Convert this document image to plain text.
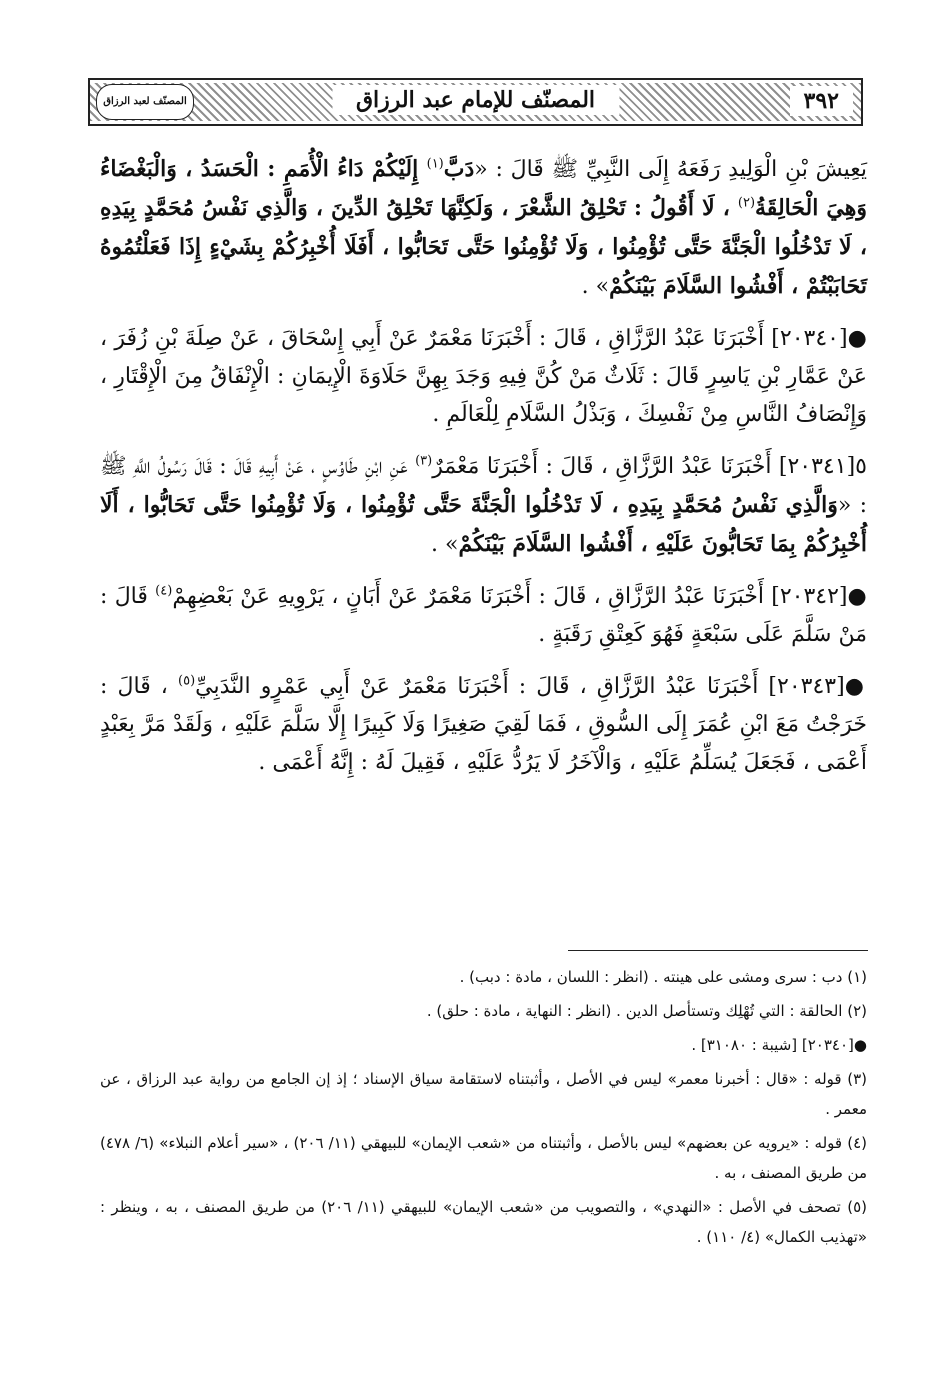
٣٩٢
المصنّف للإمام عبد الرزاق
المصنّف لعبد الرزاق

يَعِيشَ بْنِ الْوَلِيدِ رَفَعَهُ إِلَى النَّبِيِّ ﷺ قَالَ : «دَبَّ$^{(١)}$ إِلَيْكُمْ دَاءُ الْأُمَمِ : الْحَسَدُ ، وَالْبَغْضَاءُ وَهِيَ الْحَالِقَةُ$^{(٢)}$ ، لَا أَقُولُ : تَحْلِقُ الشَّعْرَ ، وَلَكِنَّهَا تَحْلِقُ الدِّينَ ، وَالَّذِي نَفْسُ مُحَمَّدٍ بِيَدِهِ ، لَا تَدْخُلُوا الْجَنَّةَ حَتَّى تُؤْمِنُوا ، وَلَا تُؤْمِنُوا حَتَّى تَحَابُّوا ، أَفَلَا أُخْبِرُكُمْ بِشَيْءٍ إِذَا فَعَلْتُمُوهُ تَحَابَبْتُمْ ، أَفْشُوا السَّلَامَ بَيْنَكُمْ» .

●[٢٠٣٤٠] أَخْبَرَنَا عَبْدُ الرَّزَّاقِ ، قَالَ : أَخْبَرَنَا مَعْمَرٌ عَنْ أَبِي إِسْحَاقَ ، عَنْ صِلَةَ بْنِ زُفَرَ ، عَنْ عَمَّارِ بْنِ يَاسِرٍ قَالَ : ثَلَاثٌ مَنْ كُنَّ فِيهِ وَجَدَ بِهِنَّ حَلَاوَةَ الْإِيمَانِ : الْإِنْفَاقُ مِنَ الْإِقْتَارِ ، وَإِنْصَافُ النَّاسِ مِنْ نَفْسِكَ ، وَبَذْلُ السَّلَامِ لِلْعَالَمِ .

٥[٢٠٣٤١] أَخْبَرَنَا عَبْدُ الرَّزَّاقِ ، قَالَ : أَخْبَرَنَا مَعْمَرٌ$^{(٣)}$ عَنِ ابْنِ طَاوُسٍ ، عَنْ أَبِيهِ قَالَ : قَالَ رَسُولُ اللَّهِ ﷺ : «وَالَّذِي نَفْسُ مُحَمَّدٍ بِيَدِهِ ، لَا تَدْخُلُوا الْجَنَّةَ حَتَّى تُؤْمِنُوا ، وَلَا تُؤْمِنُوا حَتَّى تَحَابُّوا ، أَلَا أُخْبِرُكُمْ بِمَا تَحَابُّونَ عَلَيْهِ ، أَفْشُوا السَّلَامَ بَيْنَكُمْ» .

●[٢٠٣٤٢] أَخْبَرَنَا عَبْدُ الرَّزَّاقِ ، قَالَ : أَخْبَرَنَا مَعْمَرٌ عَنْ أَبَانٍ ، يَرْوِيهِ عَنْ بَعْضِهِمْ$^{(٤)}$ قَالَ : مَنْ سَلَّمَ عَلَى سَبْعَةٍ فَهُوَ كَعِتْقِ رَقَبَةٍ .

●[٢٠٣٤٣] أَخْبَرَنَا عَبْدُ الرَّزَّاقِ ، قَالَ : أَخْبَرَنَا مَعْمَرٌ عَنْ أَبِي عَمْرٍو النَّدَبِيِّ$^{(٥)}$ ، قَالَ : خَرَجْتُ مَعَ ابْنِ عُمَرَ إِلَى السُّوقِ ، فَمَا لَقِيَ صَغِيرًا وَلَا كَبِيرًا إِلَّا سَلَّمَ عَلَيْهِ ، وَلَقَدْ مَرَّ بِعَبْدٍ أَعْمَى ، فَجَعَلَ يُسَلِّمُ عَلَيْهِ ، وَالْآخَرُ لَا يَرُدُّ عَلَيْهِ ، فَقِيلَ لَهُ : إِنَّهُ أَعْمَى .

(١) دب : سرى ومشى على هينته . (انظر : اللسان ، مادة : دبب) .

(٢) الحالقة : التي تُهْلِك وتستأصل الدين . (انظر : النهاية ، مادة : حلق) .

●[٢٠٣٤٠] [شيبة : ٣١٠٨٠] .

(٣) قوله : «قال : أخبرنا معمر» ليس في الأصل ، وأثبتناه لاستقامة سياق الإسناد ؛ إذ إن الجامع من رواية عبد الرزاق ، عن معمر .

(٤) قوله : «يرويه عن بعضهم» ليس بالأصل ، وأثبتناه من «شعب الإيمان» للبيهقي (١١/ ٢٠٦) ، «سير أعلام النبلاء» (٦/ ٤٧٨) من طريق المصنف ، به .

(٥) تصحف في الأصل : «النهدي» ، والتصويب من «شعب الإيمان» للبيهقي (١١/ ٢٠٦) من طريق المصنف ، به ، وينظر : «تهذيب الكمال» (٤/ ١١٠) .
